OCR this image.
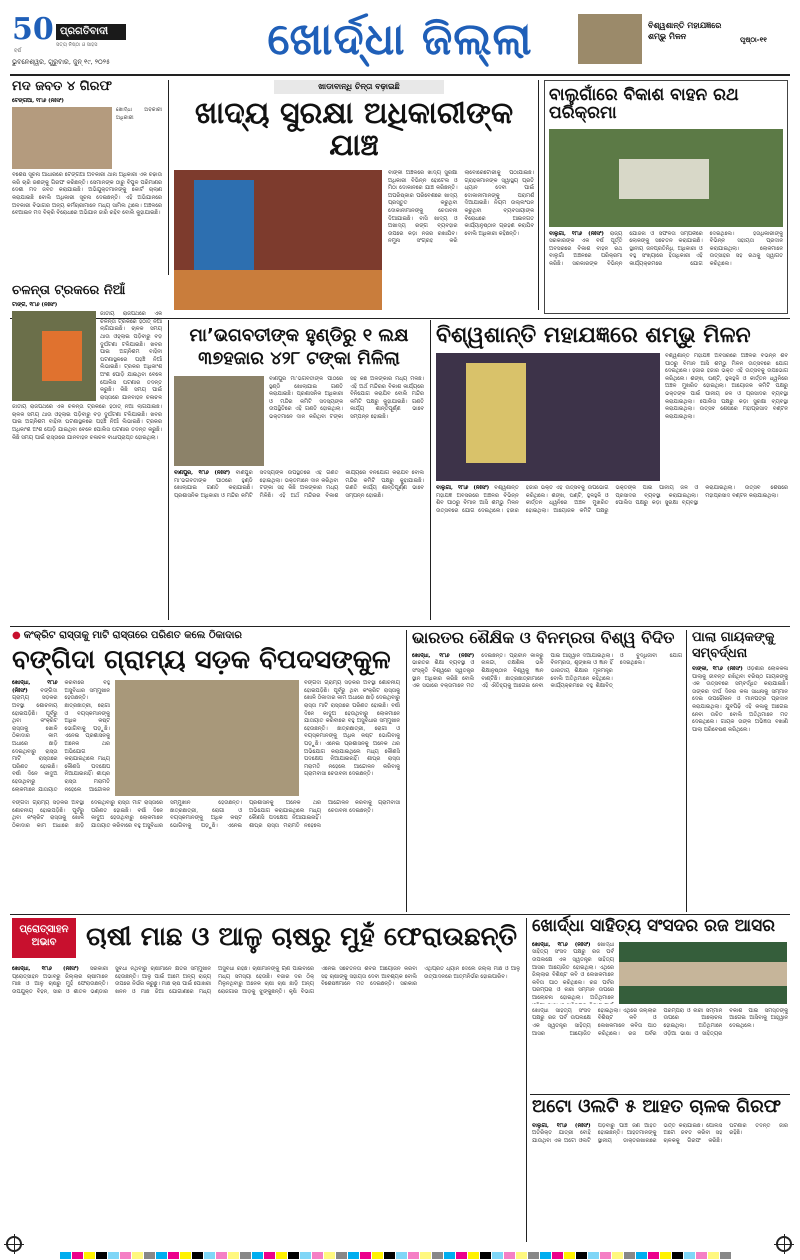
50
ବର୍ଷ
ପ୍ରଗତିବାଦୀ
ସତ୍ୟ ନିଷ୍ଠା ଓ ସାହସ
ଭୁବନେଶ୍ୱର, ଗୁରୁବାର, ଜୁନ୍ ୧୯, ୨୦୨୫	ଖୋର୍ଦ୍ଧା ଜିଲ୍ଲା	ବିଶ୍ୱଶାନ୍ତି ମହାଯଜ୍ଞରେ ଶମ୍ଭୁ ମିଳନ	ପୃଷ୍ଠା-୧୧
ମଦ ଜବତ ୪ ଗିରଫ
ଟେଙ୍ଗିଆ, ୧୮ା୬ (ନିଃସଂ)
ଖୋର୍ଦ୍ଧା ଅବକାରୀ ଅଧିକାରୀ
ବିଶେଷ ସୂଚନା ଆଧାରରେ ଟେଙ୍ଗିଆ ଅବକାରୀ ଥାନା ଅଧିକାରୀ ଏକ ଚଢାଉ କରି ଚାରି ଜଣଙ୍କୁ ଗିରଫ କରିଛନ୍ତି। ସେମାନଙ୍କ ଠାରୁ ବିପୁଳ ପରିମାଣର ଦେଶୀ ମଦ ଜବତ କରାଯାଇଛି। ଅଭିଯୁକ୍ତମାନଙ୍କୁ କୋର୍ଟ ଚାଲାଣ କରାଯାଇଛି ବୋଲି ଅଧିକାରୀ ସୂଚନା ଦେଇଛନ୍ତି। ଏହି ଅଭିଯାନରେ ଅବକାରୀ ବିଭାଗର ଅନ୍ୟ କର୍ମଚାରୀମାନେ ମଧ୍ୟ ସାମିଲ ଥିଲେ। ଅଞ୍ଚଳରେ ବେଆଇନ ମଦ ବିକ୍ରି ବିରୋଧରେ ଅଭିଯାନ ଜାରି ରହିବ ବୋଲି କୁହାଯାଇଛି।
ଖାଡାବାନ୍ଧି ଚିନ୍ତା ବଢ଼ାଇଛି
ଖାଦ୍ୟ ସୁରକ୍ଷା ଅଧିକାରୀଙ୍କ ଯାଞ୍ଚ
ବାଙ୍କୀ ଅଞ୍ଚଳରେ ଖାଦ୍ୟ ସୁରକ୍ଷା ଅଧିକାରୀ ବିଭିନ୍ନ ହୋଟେଲ ଓ ମିଠା ଦୋକାନରେ ଯାଞ୍ଚ କରିଛନ୍ତି। ଅପରିଷ୍କାର ପରିବେଶରେ ଖାଦ୍ୟ ପ୍ରସ୍ତୁତ କରୁଥିବା ଦୋକାନୀମାନଙ୍କୁ ଚେତାବନୀ ଦିଆଯାଇଛି। ବାସି ଖାଦ୍ୟ ଓ ଅଖାଦ୍ୟ ରଙ୍ଗ ବ୍ୟବହାର ଉପରେ କଡ଼ା ନଜର ରଖାଯିବ। ନମୁନା ସଂଗ୍ରହ କରି ଲାବୋରେଟୋରୀକୁ ପଠାଯାଇଛି। ଗ୍ରାହକମାନଙ୍କ ସ୍ୱାସ୍ଥ୍ୟ ପ୍ରତି ଧ୍ୟାନ ଦେବା ପାଇଁ ଦୋକାନୀମାନଙ୍କୁ ପରାମର୍ଶ ଦିଆଯାଇଛି। ନିୟମ ଉଲ୍ଲଂଘନ କରୁଥିବା ବ୍ୟବସାୟୀଙ୍କ ବିରୋଧରେ ଆଇନଗତ କାର୍ଯ୍ୟାନୁଷ୍ଠାନ ଗ୍ରହଣ କରାଯିବ ବୋଲି ଅଧିକାରୀ କହିଛନ୍ତି।
ବାଲୁଗାଁରେ ବିକାଶ ବାହନ ରଥ ପରିକ୍ରମା
ବାଲୁଗାଁ, ୧୮ା୬ (ନିଃସଂ) ରାଜ୍ୟ ସରକାରଙ୍କ ଏକ ବର୍ଷ ପୂର୍ତ୍ତି ଅବସରରେ ବିକାଶ ବାହନ ରଥ ବାଲୁଗାଁ ଅଞ୍ଚଳରେ ପରିକ୍ରମା କରିଛି। ସରକାରଙ୍କ ବିଭିନ୍ନ ଯୋଜନା ଓ ସଫଳତା ସମ୍ପର୍କରେ ଲୋକଙ୍କୁ ସଚେତନ କରାଯାଇଛି। ସ୍ଥାନୀୟ ଜନପ୍ରତିନିଧି, ଅଧିକାରୀ ଓ ବହୁ ସଂଖ୍ୟାରେ ହିତାଧିକାରୀ ଏହି କାର୍ଯ୍ୟକ୍ରମରେ ଯୋଗ ଦେଇଥିଲେ। ହିତାଧିକାରୀଙ୍କୁ ବିଭିନ୍ନ ସହାୟତା ପ୍ରଦାନ କରାଯାଇଥିଲା। ଲୋକମାନେ ଉତ୍ସାହର ସହ ରଥକୁ ସ୍ୱାଗତ କରିଥିଲେ।
ଚଳନ୍ତା ଟ୍ରକରେ ନିଆଁ
ଟାଙ୍ଗି, ୧୮ା୬ (ନିଃସଂ)
ଜାତୀୟ ରାଜପଥରେ ଏକ ଚଳନ୍ତା ଟ୍ରକରେ ହଠାତ୍ ନିଆଁ ଲାଗିଯାଇଛି। ଚାଳକ ସମୟ ଥାଉ ଓହ୍ଲାଇ ପଡ଼ିବାରୁ ବଡ଼ ଦୁର୍ଘଟଣା ଟଳିଯାଇଛି। ଖବର ପାଇ ଅଗ୍ନିଶମ ବାହିନୀ ଘଟଣାସ୍ଥଳରେ ପହଞ୍ଚି ନିଆଁ ଲିଭାଇଛି। ଟ୍ରକର ଅଧିକାଂଶ ଅଂଶ ପୋଡ଼ି ଯାଇଥିବା ବେଳେ ପୋଲିସ ଘଟଣାର ତଦନ୍ତ କରୁଛି। କିଛି ସମୟ ପାଇଁ ରାସ୍ତାରେ ଯାନବାହନ ଚଳାଚଳ
ଜାତୀୟ ରାଜପଥରେ ଏକ ଚଳନ୍ତା ଟ୍ରକରେ ହଠାତ୍ ନିଆଁ ଲାଗିଯାଇଛି। ଚାଳକ ସମୟ ଥାଉ ଓହ୍ଲାଇ ପଡ଼ିବାରୁ ବଡ଼ ଦୁର୍ଘଟଣା ଟଳିଯାଇଛି। ଖବର ପାଇ ଅଗ୍ନିଶମ ବାହିନୀ ଘଟଣାସ୍ଥଳରେ ପହଞ୍ଚି ନିଆଁ ଲିଭାଇଛି। ଟ୍ରକର ଅଧିକାଂଶ ଅଂଶ ପୋଡ଼ି ଯାଇଥିବା ବେଳେ ପୋଲିସ ଘଟଣାର ତଦନ୍ତ କରୁଛି। କିଛି ସମୟ ପାଇଁ ରାସ୍ତାରେ ଯାନବାହନ ଚଳାଚଳ ବାଧାପ୍ରାପ୍ତ ହୋଇଥିଲା।
ମା’ଭଗବତୀଙ୍କ ହୁଣ୍ଡିରୁ ୧ ଲକ୍ଷ ୩୭ହଜାର ୪୨୮ ଟଙ୍କା ମିଳିଲା
ବାଣପୁର ମା’ଭଗବତୀଙ୍କ ପୀଠରେ ହୁଣ୍ଡି ଖୋଲାଯାଇ ଗଣତି କରାଯାଇଛି। ପ୍ରଶାସନିକ ଅଧିକାରୀ ଓ ମନ୍ଦିର କମିଟି ସଦସ୍ୟଙ୍କ ଉପସ୍ଥିତିରେ ଏହି ଗଣତି ହୋଇଥିଲା। ଭକ୍ତମାନେ ଦାନ କରିଥିବା ଟଙ୍କା ସହ କିଛି ଅଳଙ୍କାର ମଧ୍ୟ ମିଳିଛି। ଏହି ଅର୍ଥ ମନ୍ଦିରର ବିକାଶ କାର୍ଯ୍ୟରେ ବିନିଯୋଗ କରାଯିବ ବୋଲି ମନ୍ଦିର କମିଟି ପକ୍ଷରୁ କୁହାଯାଇଛି। ଗଣତି କାର୍ଯ୍ୟ ଶାନ୍ତିପୂର୍ଣ୍ଣ ଭାବେ ସମ୍ପନ୍ନ ହୋଇଛି।
ବାଣପୁର, ୧୮ା୬ (ନିଃସଂ) ବାଣପୁର ମା’ଭଗବତୀଙ୍କ ପୀଠରେ ହୁଣ୍ଡି ଖୋଲାଯାଇ ଗଣତି କରାଯାଇଛି। ପ୍ରଶାସନିକ ଅଧିକାରୀ ଓ ମନ୍ଦିର କମିଟି ସଦସ୍ୟଙ୍କ ଉପସ୍ଥିତିରେ ଏହି ଗଣତି ହୋଇଥିଲା। ଭକ୍ତମାନେ ଦାନ କରିଥିବା ଟଙ୍କା ସହ କିଛି ଅଳଙ୍କାର ମଧ୍ୟ ମିଳିଛି। ଏହି ଅର୍ଥ ମନ୍ଦିରର ବିକାଶ କାର୍ଯ୍ୟରେ ବିନିଯୋଗ କରାଯିବ ବୋଲି ମନ୍ଦିର କମିଟି ପକ୍ଷରୁ କୁହାଯାଇଛି। ଗଣତି କାର୍ଯ୍ୟ ଶାନ୍ତିପୂର୍ଣ୍ଣ ଭାବେ ସମ୍ପନ୍ନ ହୋଇଛି।
ବିଶ୍ୱଶାନ୍ତି ମହାଯଜ୍ଞରେ ଶମ୍ଭୁ ମିଳନ
ବିଶ୍ୱଶାନ୍ତି ମହାଯଜ୍ଞ ଅବସରରେ ଅଞ୍ଚଳର ବିଭିନ୍ନ ଶିବ ପୀଠରୁ ବିମାନ ଆସି ଶମ୍ଭୁ ମିଳନ ଉତ୍ସବରେ ଯୋଗ ଦେଇଥିଲେ। ହଜାର ହଜାର ଭକ୍ତ ଏହି ଉତ୍ସବକୁ ଉପଭୋଗ କରିଥିଲେ। ଶଙ୍ଖ, ଘଣ୍ଟି, ହୁଳହୁଳି ଓ କୀର୍ତ୍ତନ ଧ୍ୱନିରେ ଅଞ୍ଚଳ ମୁଖରିତ ହୋଇଥିଲା। ଆୟୋଜକ କମିଟି ପକ୍ଷରୁ ଭକ୍ତଙ୍କ ପାଇଁ ପାନୀୟ ଜଳ ଓ ପ୍ରସାଦର ବ୍ୟବସ୍ଥା କରାଯାଇଥିଲା। ପୋଲିସ ପକ୍ଷରୁ କଡ଼ା ସୁରକ୍ଷା ବ୍ୟବସ୍ଥା କରାଯାଇଥିଲା। ଉତ୍ସବ ଶେଷରେ ମହାପ୍ରସାଦ ବଣ୍ଟନ କରାଯାଇଥିଲା।
ବାଲୁଗାଁ, ୧୮ା୬ (ନିଃସଂ) ବିଶ୍ୱଶାନ୍ତି ମହାଯଜ୍ଞ ଅବସରରେ ଅଞ୍ଚଳର ବିଭିନ୍ନ ଶିବ ପୀଠରୁ ବିମାନ ଆସି ଶମ୍ଭୁ ମିଳନ ଉତ୍ସବରେ ଯୋଗ ଦେଇଥିଲେ। ହଜାର ହଜାର ଭକ୍ତ ଏହି ଉତ୍ସବକୁ ଉପଭୋଗ କରିଥିଲେ। ଶଙ୍ଖ, ଘଣ୍ଟି, ହୁଳହୁଳି ଓ କୀର୍ତ୍ତନ ଧ୍ୱନିରେ ଅଞ୍ଚଳ ମୁଖରିତ ହୋଇଥିଲା। ଆୟୋଜକ କମିଟି ପକ୍ଷରୁ ଭକ୍ତଙ୍କ ପାଇଁ ପାନୀୟ ଜଳ ଓ ପ୍ରସାଦର ବ୍ୟବସ୍ଥା କରାଯାଇଥିଲା। ପୋଲିସ ପକ୍ଷରୁ କଡ଼ା ସୁରକ୍ଷା ବ୍ୟବସ୍ଥା କରାଯାଇଥିଲା। ଉତ୍ସବ ଶେଷରେ ମହାପ୍ରସାଦ ବଣ୍ଟନ କରାଯାଇଥିଲା।
● କଂକ୍ରିଟ ରାସ୍ତାକୁ ମାଟି ରାସ୍ତାରେ ପରିଣତ କଲେ ଠିକାଦାର
ବଙ୍ଗିଦା ଗ୍ରାମ୍ୟ ସଡ଼କ ବିପଦସଙ୍କୁଳ
ଖୋର୍ଦ୍ଧା, ୧୮ା୬ (ନିଃସଂ) ବଙ୍ଗିଦା ଗ୍ରାମ୍ୟ ସଡ଼କର ଅବସ୍ଥା ଶୋଚନୀୟ ହୋଇପଡ଼ିଛି। ପୂର୍ବରୁ ଥିବା କଂକ୍ରିଟ ରାସ୍ତାକୁ ଖୋଳି ଠିକାଦାର କାମ ଅଧାରେ ଛାଡ଼ି ଦେଇଥିବାରୁ ରାସ୍ତା ମାଟି ରାସ୍ତାରେ ପରିଣତ ହୋଇଛି। ବର୍ଷା ଦିନେ କାଦୁଅ ହେଉଥିବାରୁ ଲୋକମାନେ ଯାତାୟାତ କରିବାରେ ବହୁ ଅସୁବିଧାର ସମ୍ମୁଖୀନ ହେଉଛନ୍ତି। ଛାତ୍ରଛାତ୍ରୀ, ରୋଗୀ ଓ ବୟସ୍କମାନଙ୍କୁ ଅଧିକ କଷ୍ଟ ଭୋଗିବାକୁ ପଡ଼ୁଛି। ଏନେଇ ପ୍ରଶାସନକୁ ଅନେକ ଥର ଅଭିଯୋଗ କରାଯାଇଥିଲେ ମଧ୍ୟ କୌଣସି ପଦକ୍ଷେପ ନିଆଯାଇନାହିଁ। ଶୀଘ୍ର ରାସ୍ତା ମରାମତି ନହେଲେ ଆନ୍ଦୋଳନ
ବଙ୍ଗିଦା ଗ୍ରାମ୍ୟ ସଡ଼କର ଅବସ୍ଥା ଶୋଚନୀୟ ହୋଇପଡ଼ିଛି। ପୂର୍ବରୁ ଥିବା କଂକ୍ରିଟ ରାସ୍ତାକୁ ଖୋଳି ଠିକାଦାର କାମ ଅଧାରେ ଛାଡ଼ି ଦେଇଥିବାରୁ ରାସ୍ତା ମାଟି ରାସ୍ତାରେ ପରିଣତ ହୋଇଛି। ବର୍ଷା ଦିନେ କାଦୁଅ ହେଉଥିବାରୁ ଲୋକମାନେ ଯାତାୟାତ କରିବାରେ ବହୁ ଅସୁବିଧାର ସମ୍ମୁଖୀନ ହେଉଛନ୍ତି। ଛାତ୍ରଛାତ୍ରୀ, ରୋଗୀ ଓ ବୟସ୍କମାନଙ୍କୁ ଅଧିକ କଷ୍ଟ ଭୋଗିବାକୁ ପଡ଼ୁଛି। ଏନେଇ ପ୍ରଶାସନକୁ ଅନେକ ଥର ଅଭିଯୋଗ କରାଯାଇଥିଲେ ମଧ୍ୟ କୌଣସି ପଦକ୍ଷେପ ନିଆଯାଇନାହିଁ। ଶୀଘ୍ର ରାସ୍ତା ମରାମତି ନହେଲେ ଆନ୍ଦୋଳନ କରିବାକୁ ଗ୍ରାମବାସୀ ଚେତାବନୀ ଦେଇଛନ୍ତି।
ବଙ୍ଗିଦା ଗ୍ରାମ୍ୟ ସଡ଼କର ଅବସ୍ଥା ଶୋଚନୀୟ ହୋଇପଡ଼ିଛି। ପୂର୍ବରୁ ଥିବା କଂକ୍ରିଟ ରାସ୍ତାକୁ ଖୋଳି ଠିକାଦାର କାମ ଅଧାରେ ଛାଡ଼ି ଦେଇଥିବାରୁ ରାସ୍ତା ମାଟି ରାସ୍ତାରେ ପରିଣତ ହୋଇଛି। ବର୍ଷା ଦିନେ କାଦୁଅ ହେଉଥିବାରୁ ଲୋକମାନେ ଯାତାୟାତ କରିବାରେ ବହୁ ଅସୁବିଧାର ସମ୍ମୁଖୀନ ହେଉଛନ୍ତି। ଛାତ୍ରଛାତ୍ରୀ, ରୋଗୀ ଓ ବୟସ୍କମାନଙ୍କୁ ଅଧିକ କଷ୍ଟ ଭୋଗିବାକୁ ପଡ଼ୁଛି। ଏନେଇ ପ୍ରଶାସନକୁ ଅନେକ ଥର ଅଭିଯୋଗ କରାଯାଇଥିଲେ ମଧ୍ୟ କୌଣସି ପଦକ୍ଷେପ ନିଆଯାଇନାହିଁ। ଶୀଘ୍ର ରାସ୍ତା ମରାମତି ନହେଲେ ଆନ୍ଦୋଳନ କରିବାକୁ ଗ୍ରାମବାସୀ ଚେତାବନୀ ଦେଇଛନ୍ତି।
ଭାରତର ଶୈକ୍ଷିକ ଓ ବିନମ୍ରତା ବିଶ୍ୱ ବିଦିତ
ଖୋର୍ଦ୍ଧା, ୧୮ା୬ (ନିଃସଂ) ଭାରତର ଶିକ୍ଷା ବ୍ୟବସ୍ଥା ଓ ସଂସ୍କୃତି ବିଶ୍ୱରେ ସ୍ୱତନ୍ତ୍ର ସ୍ଥାନ ଅଧିକାର କରିଛି ବୋଲି ଏକ ସଭାରେ ବକ୍ତାମାନେ ମତ ଦେଇଛନ୍ତି। ପ୍ରାଚୀନ କାଳରୁ ନାଳନ୍ଦା, ତକ୍ଷଶିଳା ଭଳି ଶିକ୍ଷାନୁଷ୍ଠାନ ବିଶ୍ୱକୁ ଜ୍ଞାନ ବାଣ୍ଟିଛି। ଛାତ୍ରଛାତ୍ରୀମାନେ ଏହି ଐତିହ୍ୟକୁ ଆଗେଇ ନେବା ପାଇଁ ଆହ୍ୱାନ ଦିଆଯାଇଥିଲା। ବିନମ୍ରତା, ଶୃଙ୍ଖଳା ଓ ଜ୍ଞାନ ହିଁ ଭାରତୀୟ ଶିକ୍ଷାର ମୂଳମନ୍ତ୍ର ବୋଲି ଅତିଥିମାନେ କହିଥିଲେ। କାର୍ଯ୍ୟକ୍ରମରେ ବହୁ ଶିକ୍ଷାବିତ୍ ଓ ବୁଦ୍ଧିଜୀବୀ ଯୋଗ ଦେଇଥିଲେ।
ପାଲା ଗାୟକଙ୍କୁ ସମ୍ବର୍ଦ୍ଧନା
ବାଙ୍କୀ, ୧୮ା୬ (ନିଃସଂ) ଓଡ଼ିଶାର ଲୋକକଳା ପାଲାକୁ ଜୀବନ୍ତ ରଖିଥିବା ବରିଷ୍ଠ ଗାୟକଙ୍କୁ ଏକ ଉତ୍ସବରେ ସମ୍ବର୍ଦ୍ଧିତ କରାଯାଇଛି। ତାଙ୍କର ଦୀର୍ଘ ଦିନର କଳା ସାଧନାକୁ ସମ୍ମାନ ଦେଇ ଉପଢୌକନ ଓ ମାନପତ୍ର ପ୍ରଦାନ କରାଯାଇଥିଲା। ଯୁବପିଢ଼ି ଏହି କଳାକୁ ଆଗେଇ ନେବା ଉଚିତ ବୋଲି ଅତିଥିମାନେ ମତ ଦେଇଥିଲେ। ଗାୟକ ତାଙ୍କ ଅଭିଜ୍ଞତା ବଖାଣି ପାଲା ପରିବେଷଣ କରିଥିଲେ।
ପ୍ରୋତ୍ସାହନ ଅଭାବ	ଚାଷୀ ମାଛ ଓ ଆଳୁ ଚାଷରୁ ମୁହଁ ଫେରାଉଛନ୍ତି
ଖୋର୍ଦ୍ଧା, ୧୮ା୬ (ନିଃସଂ) ସରକାରୀ ପ୍ରୋତ୍ସାହନ ଅଭାବରୁ ଜିଲ୍ଲାର ଚାଷୀମାନେ ମାଛ ଓ ଆଳୁ ଚାଷରୁ ମୁହଁ ଫେରାଉଛନ୍ତି। ଉପଯୁକ୍ତ ବିହନ, ସାର ଓ ଶୀତଳ ଭଣ୍ଡାର ସୁବିଧା ନଥିବାରୁ ଚାଷୀମାନେ କ୍ଷତିର ସମ୍ମୁଖୀନ ହେଉଛନ୍ତି। ଆଳୁ ପାଇଁ ଆମେ ଅନ୍ୟ ରାଜ୍ୟ ଉପରେ ନିର୍ଭର କରୁଛୁ। ମାଛ ଚାଷ ପାଇଁ ପୋଖରୀ ଖନନ ଓ ମାଛ ଜିଆ ଯୋଗାଣରେ ମଧ୍ୟ ଅସୁବିଧା ରହିଛି। ଚାଷୀମାନଙ୍କୁ ଋଣ ପାଇବାରେ ମଧ୍ୟ ସମସ୍ୟା ହେଉଛି। ବଜାର ଦର ଠିକ୍ ମିଳୁନଥିବାରୁ ଅନେକ ଚାଷୀ ଚାଷ ଛାଡ଼ି ଅନ୍ୟ ରୋଜଗାର ଆଡ଼କୁ ଝୁଙ୍କୁଛନ୍ତି। କୃଷି ବିଭାଗ ଏନେଇ ସଚେତନତା ଶିବିର ଆୟୋଜନ କରିବା ସହ ଚାଷୀଙ୍କୁ ସହାୟତା ଦେବା ଆବଶ୍ୟକ ବୋଲି ବିଶେଷଜ୍ଞମାନେ ମତ ଦେଇଛନ୍ତି। ସରକାର ଏଥିପ୍ରତି ଧ୍ୟାନ ଦେଲେ ଜିଲ୍ଲା ମାଛ ଓ ଆଳୁ ଉତ୍ପାଦନରେ ଆତ୍ମନିର୍ଭର ହୋଇପାରିବ।
ଖୋର୍ଦ୍ଧା ସାହିତ୍ୟ ସଂସଦର ରଜ ଆସର
ଖୋର୍ଦ୍ଧା, ୧୮ା୬ (ନିଃସଂ) ଖୋର୍ଦ୍ଧା ସାହିତ୍ୟ ସଂସଦ ପକ୍ଷରୁ ରଜ ପର୍ବ ଉପଲକ୍ଷେ ଏକ ସ୍ୱତନ୍ତ୍ର ସାହିତ୍ୟ ଆସର ଆୟୋଜିତ ହୋଇଥିଲା। ଏଥିରେ ଜିଲ୍ଲାର ବିଶିଷ୍ଟ କବି ଓ ଲେଖକମାନେ କବିତା ପାଠ କରିଥିଲେ। ରଜ ପର୍ବର ପରମ୍ପରା ଓ ନାରୀ ସମ୍ମାନ ଉପରେ ଆଲୋଚନା ହୋଇଥିଲା। ଅତିଥିମାନେ
ଖୋର୍ଦ୍ଧା ସାହିତ୍ୟ ସଂସଦ ପକ୍ଷରୁ ରଜ ପର୍ବ ଉପଲକ୍ଷେ ଏକ ସ୍ୱତନ୍ତ୍ର ସାହିତ୍ୟ ଆସର ଆୟୋଜିତ ହୋଇଥିଲା। ଏଥିରେ ଜିଲ୍ଲାର ବିଶିଷ୍ଟ କବି ଓ ଲେଖକମାନେ କବିତା ପାଠ କରିଥିଲେ। ରଜ ପର୍ବର ପରମ୍ପରା ଓ ନାରୀ ସମ୍ମାନ ଉପରେ ଆଲୋଚନା ହୋଇଥିଲା। ଅତିଥିମାନେ ଓଡ଼ିଆ ଭାଷା ଓ ସାହିତ୍ୟର ବିକାଶ ପାଇଁ ସମସ୍ତଙ୍କୁ ଆଗେଇ ଆସିବାକୁ ଆହ୍ୱାନ ଦେଇଥିଲେ।
ଅଟୋ ଓଲଟି ୫ ଆହତ ଚାଳକ ଗିରଫ
ବାଲୁଗାଁ, ୧୮ା୬ (ନିଃସଂ) ଅତିରିକ୍ତ ଯାତ୍ରୀ ବୋହି ଯାଉଥିବା ଏକ ଅଟୋ ଓଲଟି ପଡ଼ିବାରୁ ପାଞ୍ଚ ଜଣ ଆହତ ହୋଇଛନ୍ତି। ଆହତମାନଙ୍କୁ ସ୍ଥାନୀୟ ଡାକ୍ତରଖାନାରେ ଭର୍ତ୍ତି କରାଯାଇଛି। ପୋଲିସ ଅଟୋ ଜବତ କରିବା ସହ ଚାଳକକୁ ଗିରଫ କରିଛି। ଘଟଣାର ତଦନ୍ତ ଜାରି ରହିଛି।
